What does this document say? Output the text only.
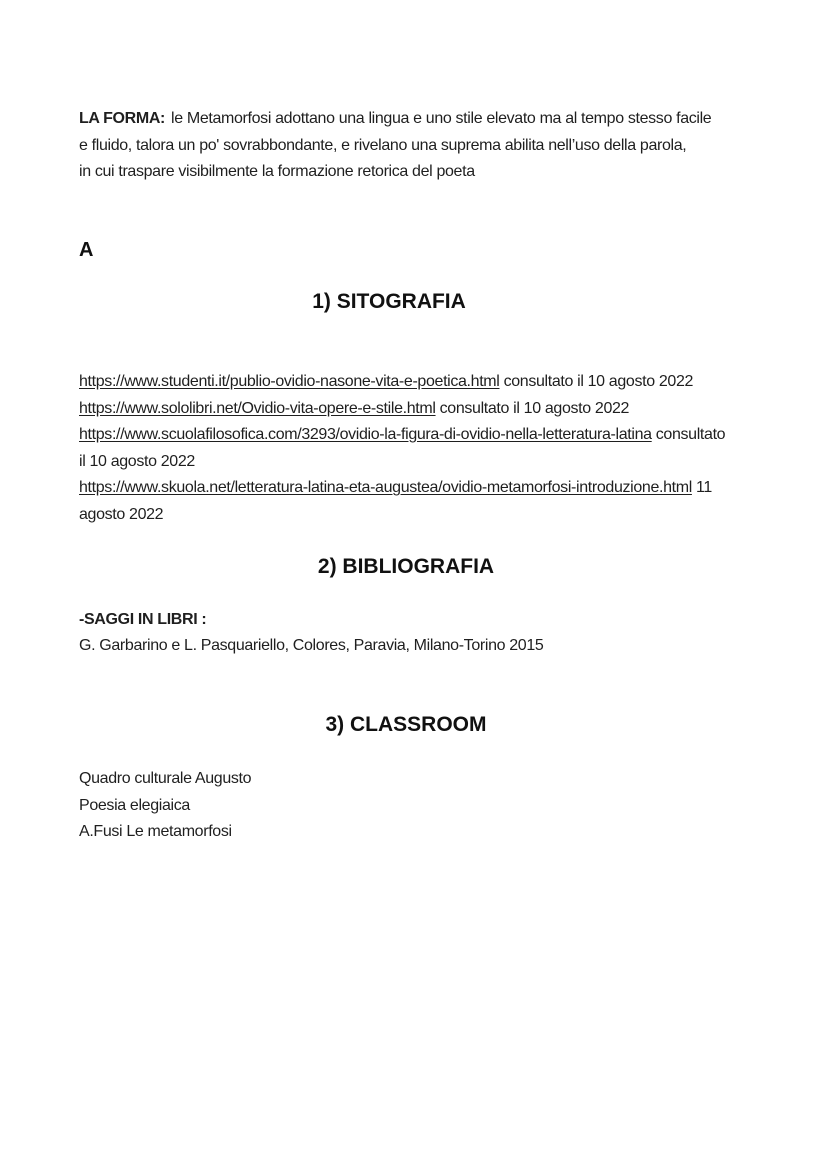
LA FORMA: le Metamorfosi adottano una lingua e uno stile elevato ma al tempo stesso facile
e fluido, talora un po' sovrabbondante, e rivelano una suprema abilita nell’uso della parola,
in cui traspare visibilmente la formazione retorica del poeta
A
1) SITOGRAFIA
https://www.studenti.it/publio-ovidio-nasone-vita-e-poetica.html consultato il 10 agosto 2022
https://www.sololibri.net/Ovidio-vita-opere-e-stile.html consultato il 10 agosto 2022
https://www.scuolafilosofica.com/3293/ovidio-la-figura-di-ovidio-nella-letteratura-latina consultato
il 10 agosto 2022
https://www.skuola.net/letteratura-latina-eta-augustea/ovidio-metamorfosi-introduzione.html 11
agosto 2022
2) BIBLIOGRAFIA
-SAGGI IN LIBRI :
G. Garbarino e L. Pasquariello, Colores, Paravia, Milano-Torino 2015
3) CLASSROOM
Quadro culturale Augusto
Poesia elegiaica
A.Fusi Le metamorfosi
